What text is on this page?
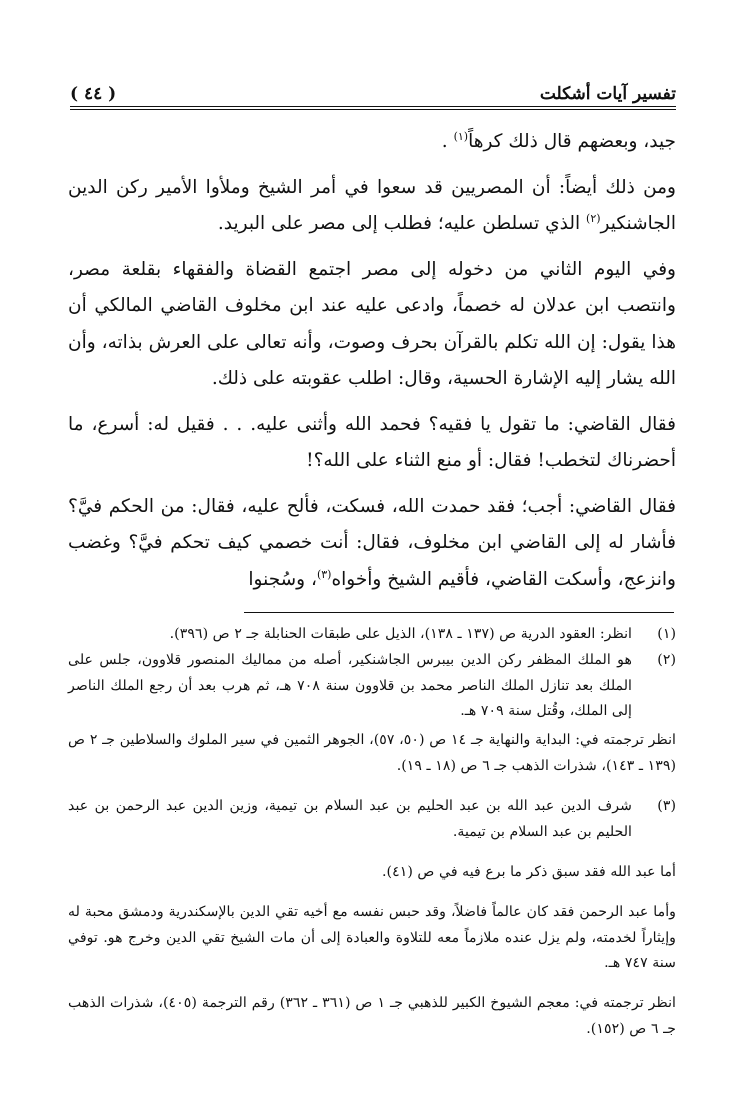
تفسير آيات أشكلت
( ٤٤ )

جيد، وبعضهم قال ذلك كرهاً$^{(١)}$ .

ومن ذلك أيضاً: أن المصريين قد سعوا في أمر الشيخ وملأوا الأمير ركن الدين الجاشنكير$^{(٢)}$ الذي تسلطن عليه؛ فطلب إلى مصر على البريد.

وفي اليوم الثاني من دخوله إلى مصر اجتمع القضاة والفقهاء بقلعة مصر، وانتصب ابن عدلان له خصماً، وادعى عليه عند ابن مخلوف القاضي المالكي أن هذا يقول: إن الله تكلم بالقرآن بحرف وصوت، وأنه تعالى على العرش بذاته، وأن الله يشار إليه الإشارة الحسية، وقال: اطلب عقوبته على ذلك.

فقال القاضي: ما تقول يا فقيه؟ فحمد الله وأثنى عليه. . . فقيل له: أسرع، ما أحضرناك لتخطب! فقال: أو منع الثناء على الله؟!

فقال القاضي: أجب؛ فقد حمدت الله، فسكت، فألح عليه، فقال: من الحكم فيَّ؟ فأشار له إلى القاضي ابن مخلوف، فقال: أنت خصمي كيف تحكم فيَّ؟ وغضب وانزعج، وأسكت القاضي، فأقيم الشيخ وأخواه$^{(٣)}$، وسُجنوا

(١)

انظر: العقود الدرية ص (١٣٧ ـ ١٣٨)، الذيل على طبقات الحنابلة جـ ٢ ص (٣٩٦).

(٢)

هو الملك المظفر ركن الدين بيبرس الجاشنكير، أصله من مماليك المنصور قلاوون، جلس على الملك بعد تنازل الملك الناصر محمد بن قلاوون سنة ٧٠٨ هـ، ثم هرب بعد أن رجع الملك الناصر إلى الملك، وقُتل سنة ٧٠٩ هـ.

انظر ترجمته في: البداية والنهاية جـ ١٤ ص (٥٠، ٥٧)، الجوهر الثمين في سير الملوك والسلاطين جـ ٢ ص (١٣٩ ـ ١٤٣)، شذرات الذهب جـ ٦ ص (١٨ ـ ١٩).

(٣)

شرف الدين عبد الله بن عبد الحليم بن عبد السلام بن تيمية، وزين الدين عبد الرحمن بن عبد الحليم بن عبد السلام بن تيمية.

أما عبد الله فقد سبق ذكر ما برع فيه في ص (٤١).

وأما عبد الرحمن فقد كان عالماً فاضلاً، وقد حبس نفسه مع أخيه تقي الدين بالإسكندرية ودمشق محبة له وإيثاراً لخدمته، ولم يزل عنده ملازماً معه للتلاوة والعبادة إلى أن مات الشيخ تقي الدين وخرج هو. توفي سنة ٧٤٧ هـ.

انظر ترجمته في: معجم الشيوخ الكبير للذهبي جـ ١ ص (٣٦١ ـ ٣٦٢) رقم الترجمة (٤٠٥)، شذرات الذهب جـ ٦ ص (١٥٢).
